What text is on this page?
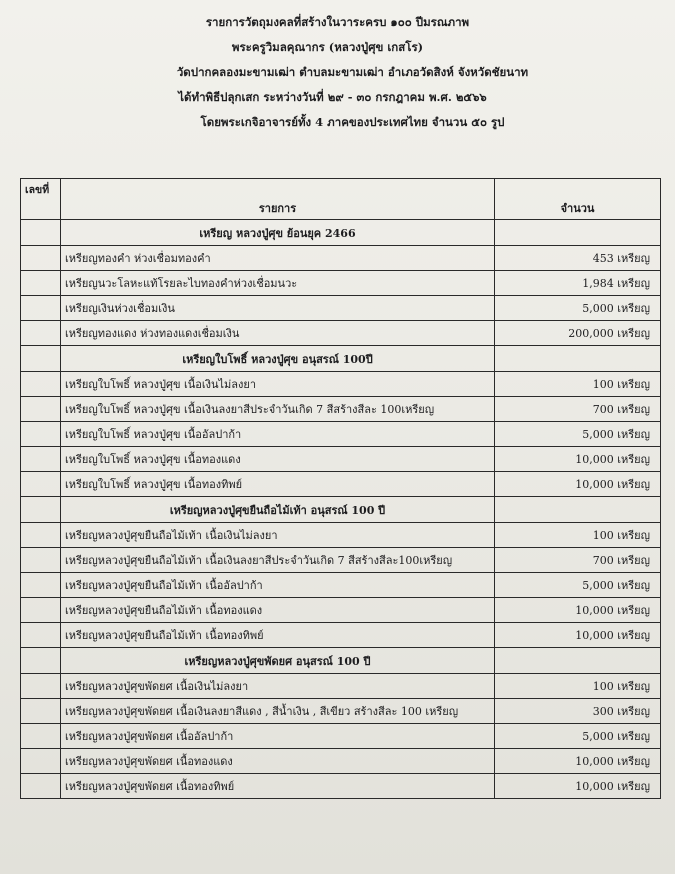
รายการวัตถุมงคลที่สร้างในวาระครบ ๑๐๐ ปีมรณภาพ
พระครูวิมลคุณากร (หลวงปู่ศุข เกสโร)
วัดปากคลองมะขามเฒ่า ตำบลมะขามเฒ่า อำเภอวัดสิงห์ จังหวัดชัยนาท
ได้ทำพิธีปลุกเสก ระหว่างวันที่ ๒๙ - ๓๐ กรกฎาคม พ.ศ. ๒๕๖๖
โดยพระเกจิอาจารย์ทั้ง 4 ภาคของประเทศไทย จำนวน ๕๐ รูป
เลขที่	รายการ	จำนวน
	เหรียญ หลวงปู่ศุข ย้อนยุค 2466	
	เหรียญทองคำ ห่วงเชื่อมทองคำ	453 เหรียญ
	เหรียญนวะโลหะแท้โรยละไบทองคำห่วงเชื่อมนวะ	1,984 เหรียญ
	เหรียญเงินห่วงเชื่อมเงิน	5,000 เหรียญ
	เหรียญทองแดง ห่วงทองแดงเชื่อมเงิน	200,000 เหรียญ
	เหรียญใบโพธิ์ หลวงปู่ศุข อนุสรณ์ 100ปี	
	เหรียญใบโพธิ์ หลวงปู่ศุข เนื้อเงินไม่ลงยา	100 เหรียญ
	เหรียญใบโพธิ์ หลวงปู่ศุข เนื้อเงินลงยาสีประจำวันเกิด 7 สีสร้างสีละ 100เหรียญ	700 เหรียญ
	เหรียญใบโพธิ์ หลวงปู่ศุข เนื้ออัลปาก้า	5,000 เหรียญ
	เหรียญใบโพธิ์ หลวงปู่ศุข เนื้อทองแดง	10,000 เหรียญ
	เหรียญใบโพธิ์ หลวงปู่ศุข เนื้อทองทิพย์	10,000 เหรียญ
	เหรียญหลวงปู่ศุขยืนถือไม้เท้า อนุสรณ์ 100 ปี	
	เหรียญหลวงปู่ศุขยืนถือไม้เท้า เนื้อเงินไม่ลงยา	100 เหรียญ
	เหรียญหลวงปู่ศุขยืนถือไม้เท้า เนื้อเงินลงยาสีประจำวันเกิด 7 สีสร้างสีละ100เหรียญ	700 เหรียญ
	เหรียญหลวงปู่ศุขยืนถือไม้เท้า เนื้ออัลปาก้า	5,000 เหรียญ
	เหรียญหลวงปู่ศุขยืนถือไม้เท้า เนื้อทองแดง	10,000 เหรียญ
	เหรียญหลวงปู่ศุขยืนถือไม้เท้า เนื้อทองทิพย์	10,000 เหรียญ
	เหรียญหลวงปู่ศุขพัดยศ อนุสรณ์ 100 ปี	
	เหรียญหลวงปู่ศุขพัดยศ เนื้อเงินไม่ลงยา	100 เหรียญ
	เหรียญหลวงปู่ศุขพัดยศ เนื้อเงินลงยาสีแดง , สีน้ำเงิน , สีเขียว สร้างสีละ 100 เหรียญ	300 เหรียญ
	เหรียญหลวงปู่ศุขพัดยศ เนื้ออัลปาก้า	5,000 เหรียญ
	เหรียญหลวงปู่ศุขพัดยศ เนื้อทองแดง	10,000 เหรียญ
	เหรียญหลวงปู่ศุขพัดยศ เนื้อทองทิพย์	10,000 เหรียญ
